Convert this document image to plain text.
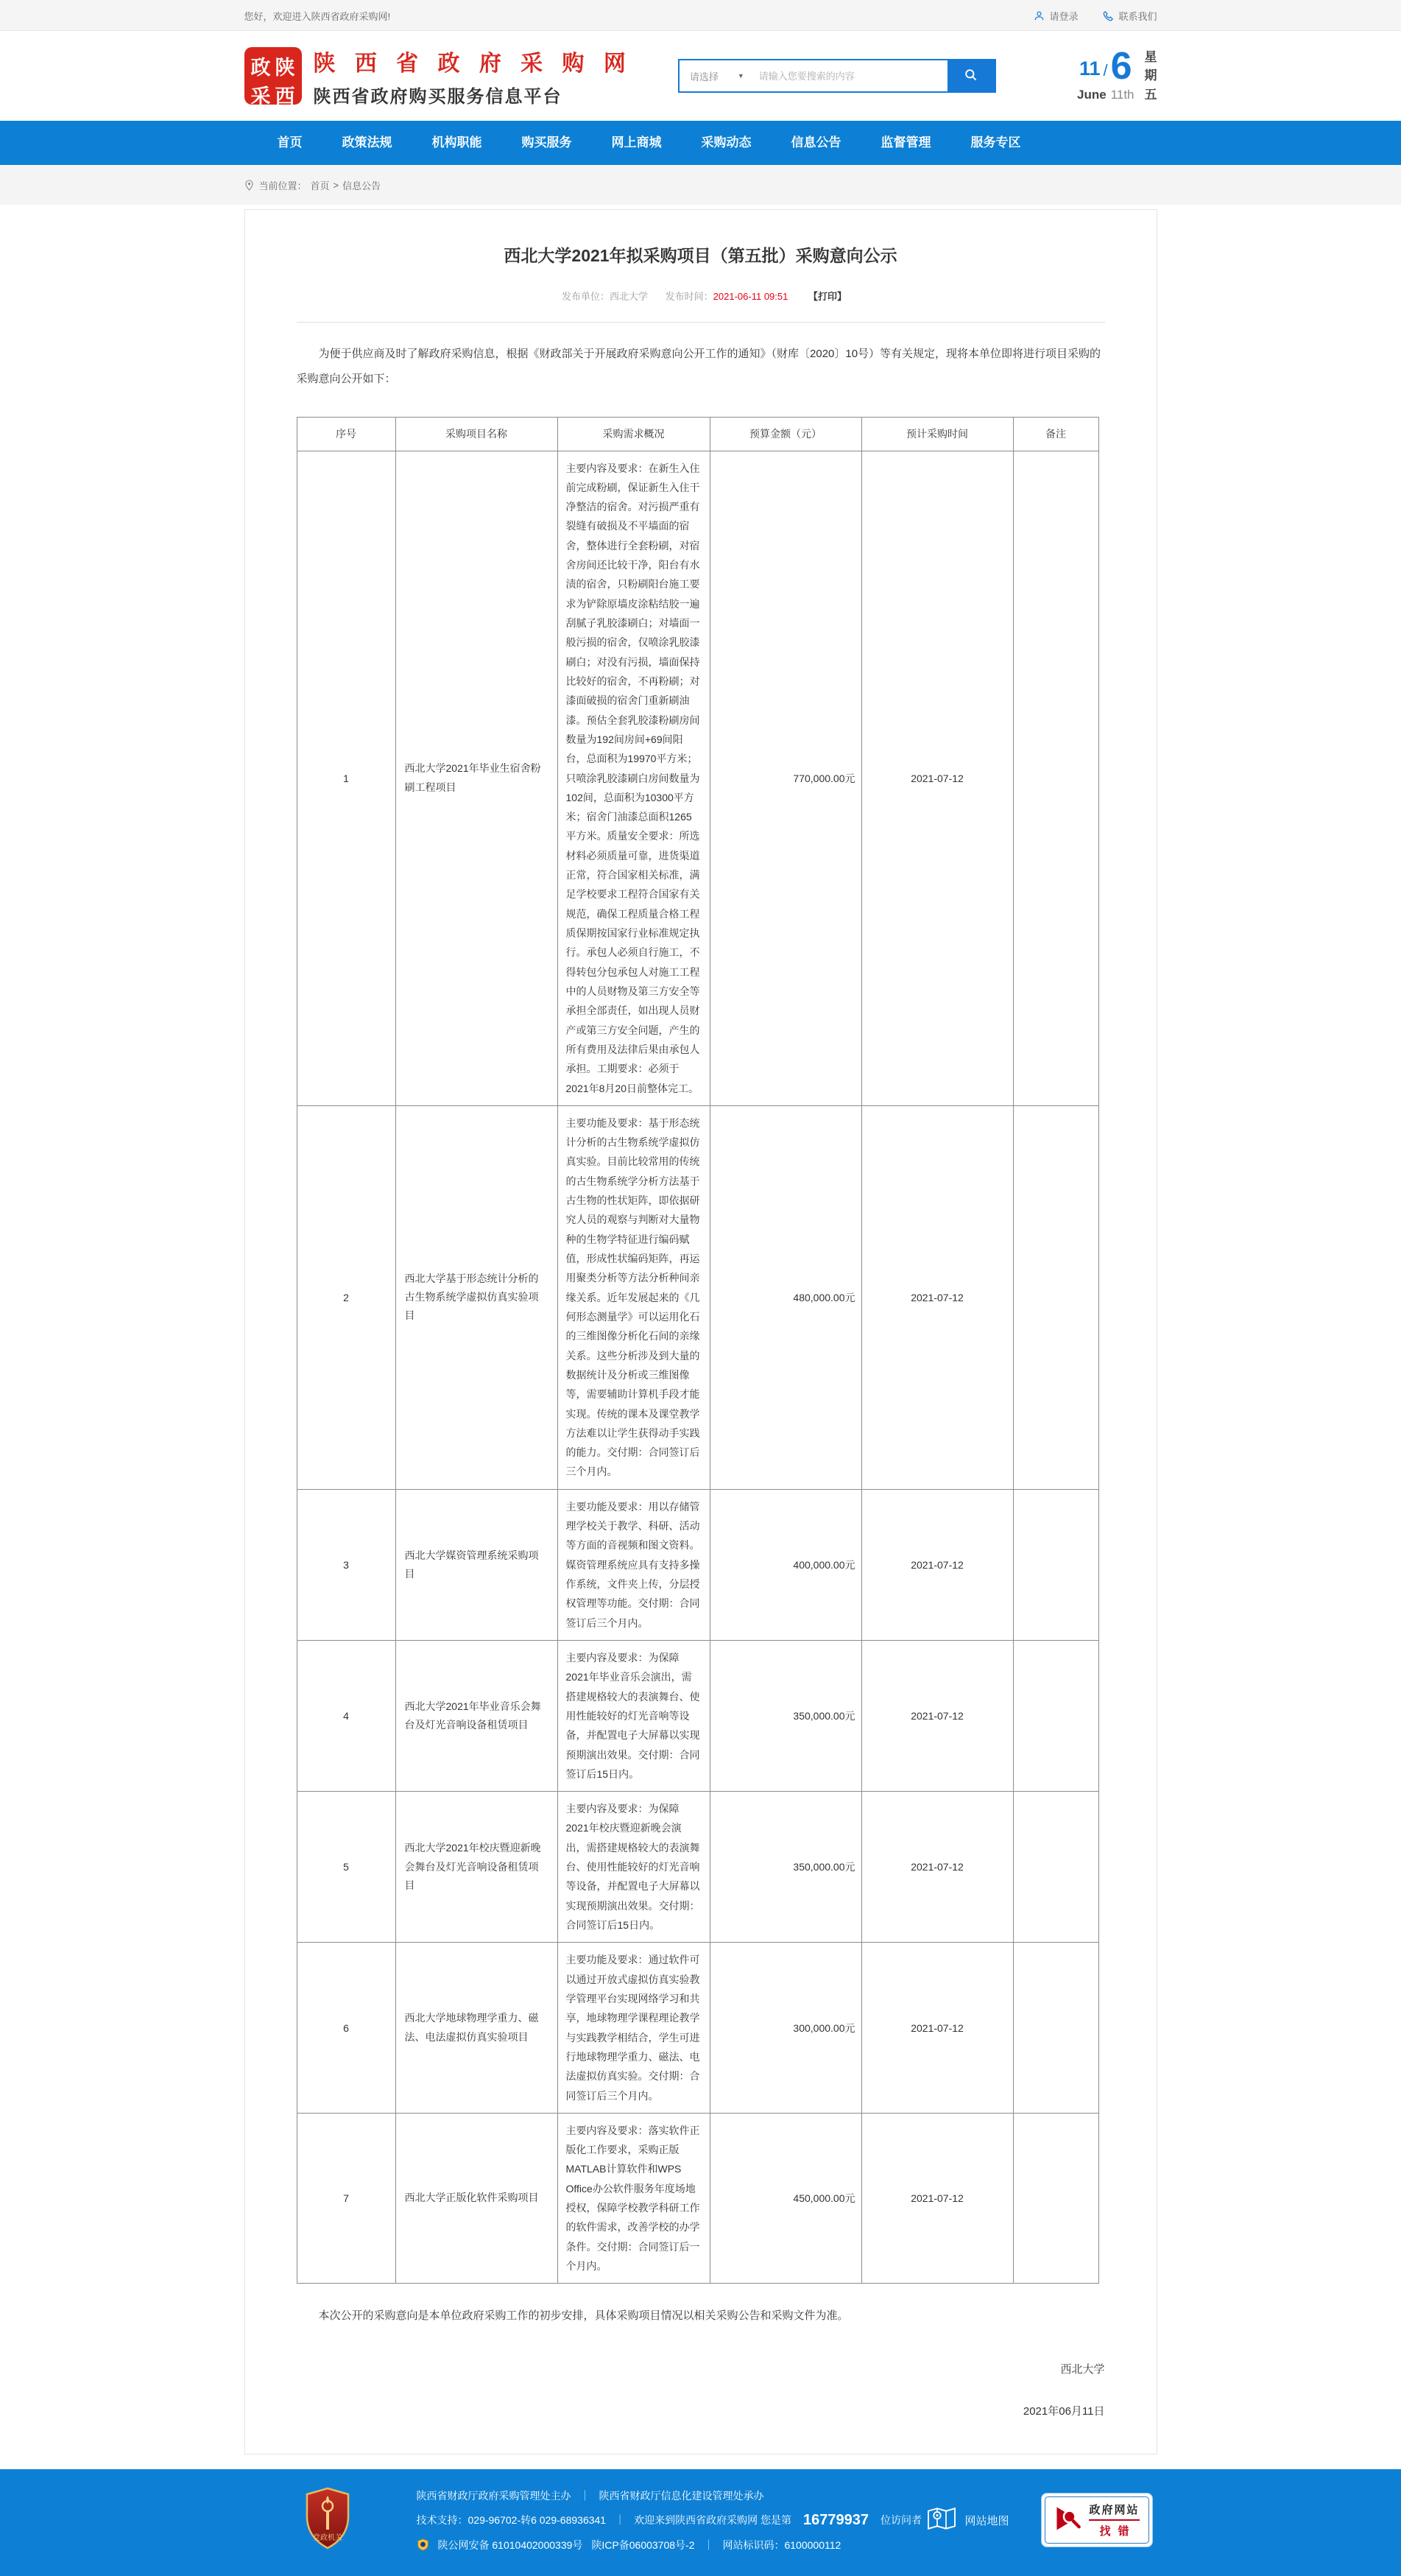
您好，欢迎进入陕西省政府采购网!	请登录	联系我们
政 陕
采 西
陕 西 省 政 府 采 购 网
陕西省政府购买服务信息平台
请选择	▼
请输入您要搜索的内容	11 / 6
June 11th
星
期
五
首页	政策法规	机构职能	购买服务	网上商城	采购动态	信息公告	监督管理	服务专区
当前位置： 首页 > 信息公告
西北大学2021年拟采购项目（第五批）采购意向公示
发布单位：西北大学 发布时间：2021-06-11 09:51 【打印】

为便于供应商及时了解政府采购信息，根据《财政部关于开展政府采购意向公开工作的通知》（财库〔2020〕10号）等有关规定，现将本单位即将进行项目采购的采购意向公开如下：

序号	采购项目名称	采购需求概况	预算金额（元）	预计采购时间	备注
1	西北大学2021年毕业生宿舍粉刷工程项目	主要内容及要求：在新生入住前完成粉刷，保证新生入住干净整洁的宿舍。对污损严重有裂缝有破损及不平墙面的宿舍，整体进行全套粉刷，对宿舍房间还比较干净，阳台有水渍的宿舍，只粉刷阳台施工要求为铲除原墙皮涂粘结胶一遍刮腻子乳胶漆刷白；对墙面一般污损的宿舍，仅喷涂乳胶漆刷白；对没有污损，墙面保持比较好的宿舍，不再粉刷；对漆面破损的宿舍门重新刷油漆。预估全套乳胶漆粉刷房间数量为192间房间+69间阳台，总面积为19970平方米；只喷涂乳胶漆刷白房间数量为102间，总面积为10300平方米；宿舍门油漆总面积1265平方米。质量安全要求：所选材料必须质量可靠，进货渠道正常，符合国家相关标准，满足学校要求工程符合国家有关规范，确保工程质量合格工程质保期按国家行业标准规定执行。承包人必须自行施工，不得转包分包承包人对施工工程中的人员财物及第三方安全等承担全部责任，如出现人员财产或第三方安全问题，产生的所有费用及法律后果由承包人承担。工期要求：必须于2021年8月20日前整体完工。	770,000.00元	2021-07-12	
2	西北大学基于形态统计分析的古生物系统学虚拟仿真实验项目	主要功能及要求：基于形态统计分析的古生物系统学虚拟仿真实验。目前比较常用的传统的古生物系统学分析方法基于古生物的性状矩阵，即依据研究人员的观察与判断对大量物种的生物学特征进行编码赋值，形成性状编码矩阵，再运用聚类分析等方法分析种间亲缘关系。近年发展起来的《几何形态测量学》可以运用化石的三维图像分析化石间的亲缘关系。这些分析涉及到大量的数据统计及分析或三维图像等，需要辅助计算机手段才能实现。传统的课本及课堂教学方法难以让学生获得动手实践的能力。交付期：合同签订后三个月内。	480,000.00元	2021-07-12	
3	西北大学媒资管理系统采购项目	主要功能及要求：用以存储管理学校关于教学、科研、活动等方面的音视频和图文资料。媒资管理系统应具有支持多操作系统，文件夹上传，分层授权管理等功能。交付期：合同签订后三个月内。	400,000.00元	2021-07-12	
4	西北大学2021年毕业音乐会舞台及灯光音响设备租赁项目	主要内容及要求：为保障2021年毕业音乐会演出，需搭建规格较大的表演舞台、使用性能较好的灯光音响等设备，并配置电子大屏幕以实现预期演出效果。交付期：合同签订后15日内。	350,000.00元	2021-07-12	
5	西北大学2021年校庆暨迎新晚会舞台及灯光音响设备租赁项目	主要内容及要求：为保障2021年校庆暨迎新晚会演出，需搭建规格较大的表演舞台、使用性能较好的灯光音响等设备，并配置电子大屏幕以实现预期演出效果。交付期：合同签订后15日内。	350,000.00元	2021-07-12	
6	西北大学地球物理学重力、磁法、电法虚拟仿真实验项目	主要功能及要求：通过软件可以通过开放式虚拟仿真实验教学管理平台实现网络学习和共享，地球物理学课程理论教学与实践教学相结合，学生可进行地球物理学重力、磁法、电法虚拟仿真实验。交付期：合同签订后三个月内。	300,000.00元	2021-07-12	
7	西北大学正版化软件采购项目	主要内容及要求：落实软件正版化工作要求，采购正版MATLAB计算软件和WPS Office办公软件服务年度场地授权，保障学校教学科研工作的软件需求，改善学校的办学条件。交付期：合同签订后一个月内。	450,000.00元	2021-07-12	

本次公开的采购意向是本单位政府采购工作的初步安排，具体采购项目情况以相关采购公告和采购文件为准。

西北大学
2021年06月11日
党政机关
陕西省财政厅政府采购管理处主办 ｜ 陕西省财政厅信息化建设管理处承办
技术支持：029-96702-转6 029-68936341 ｜ 欢迎来到陕西省政府采购网 您是第 16779937 位访问者
陕公网安备 61010402000339号 陕ICP备06003708号-2 ｜ 网站标识码：6100000112
网站地图
政府网站
找错
